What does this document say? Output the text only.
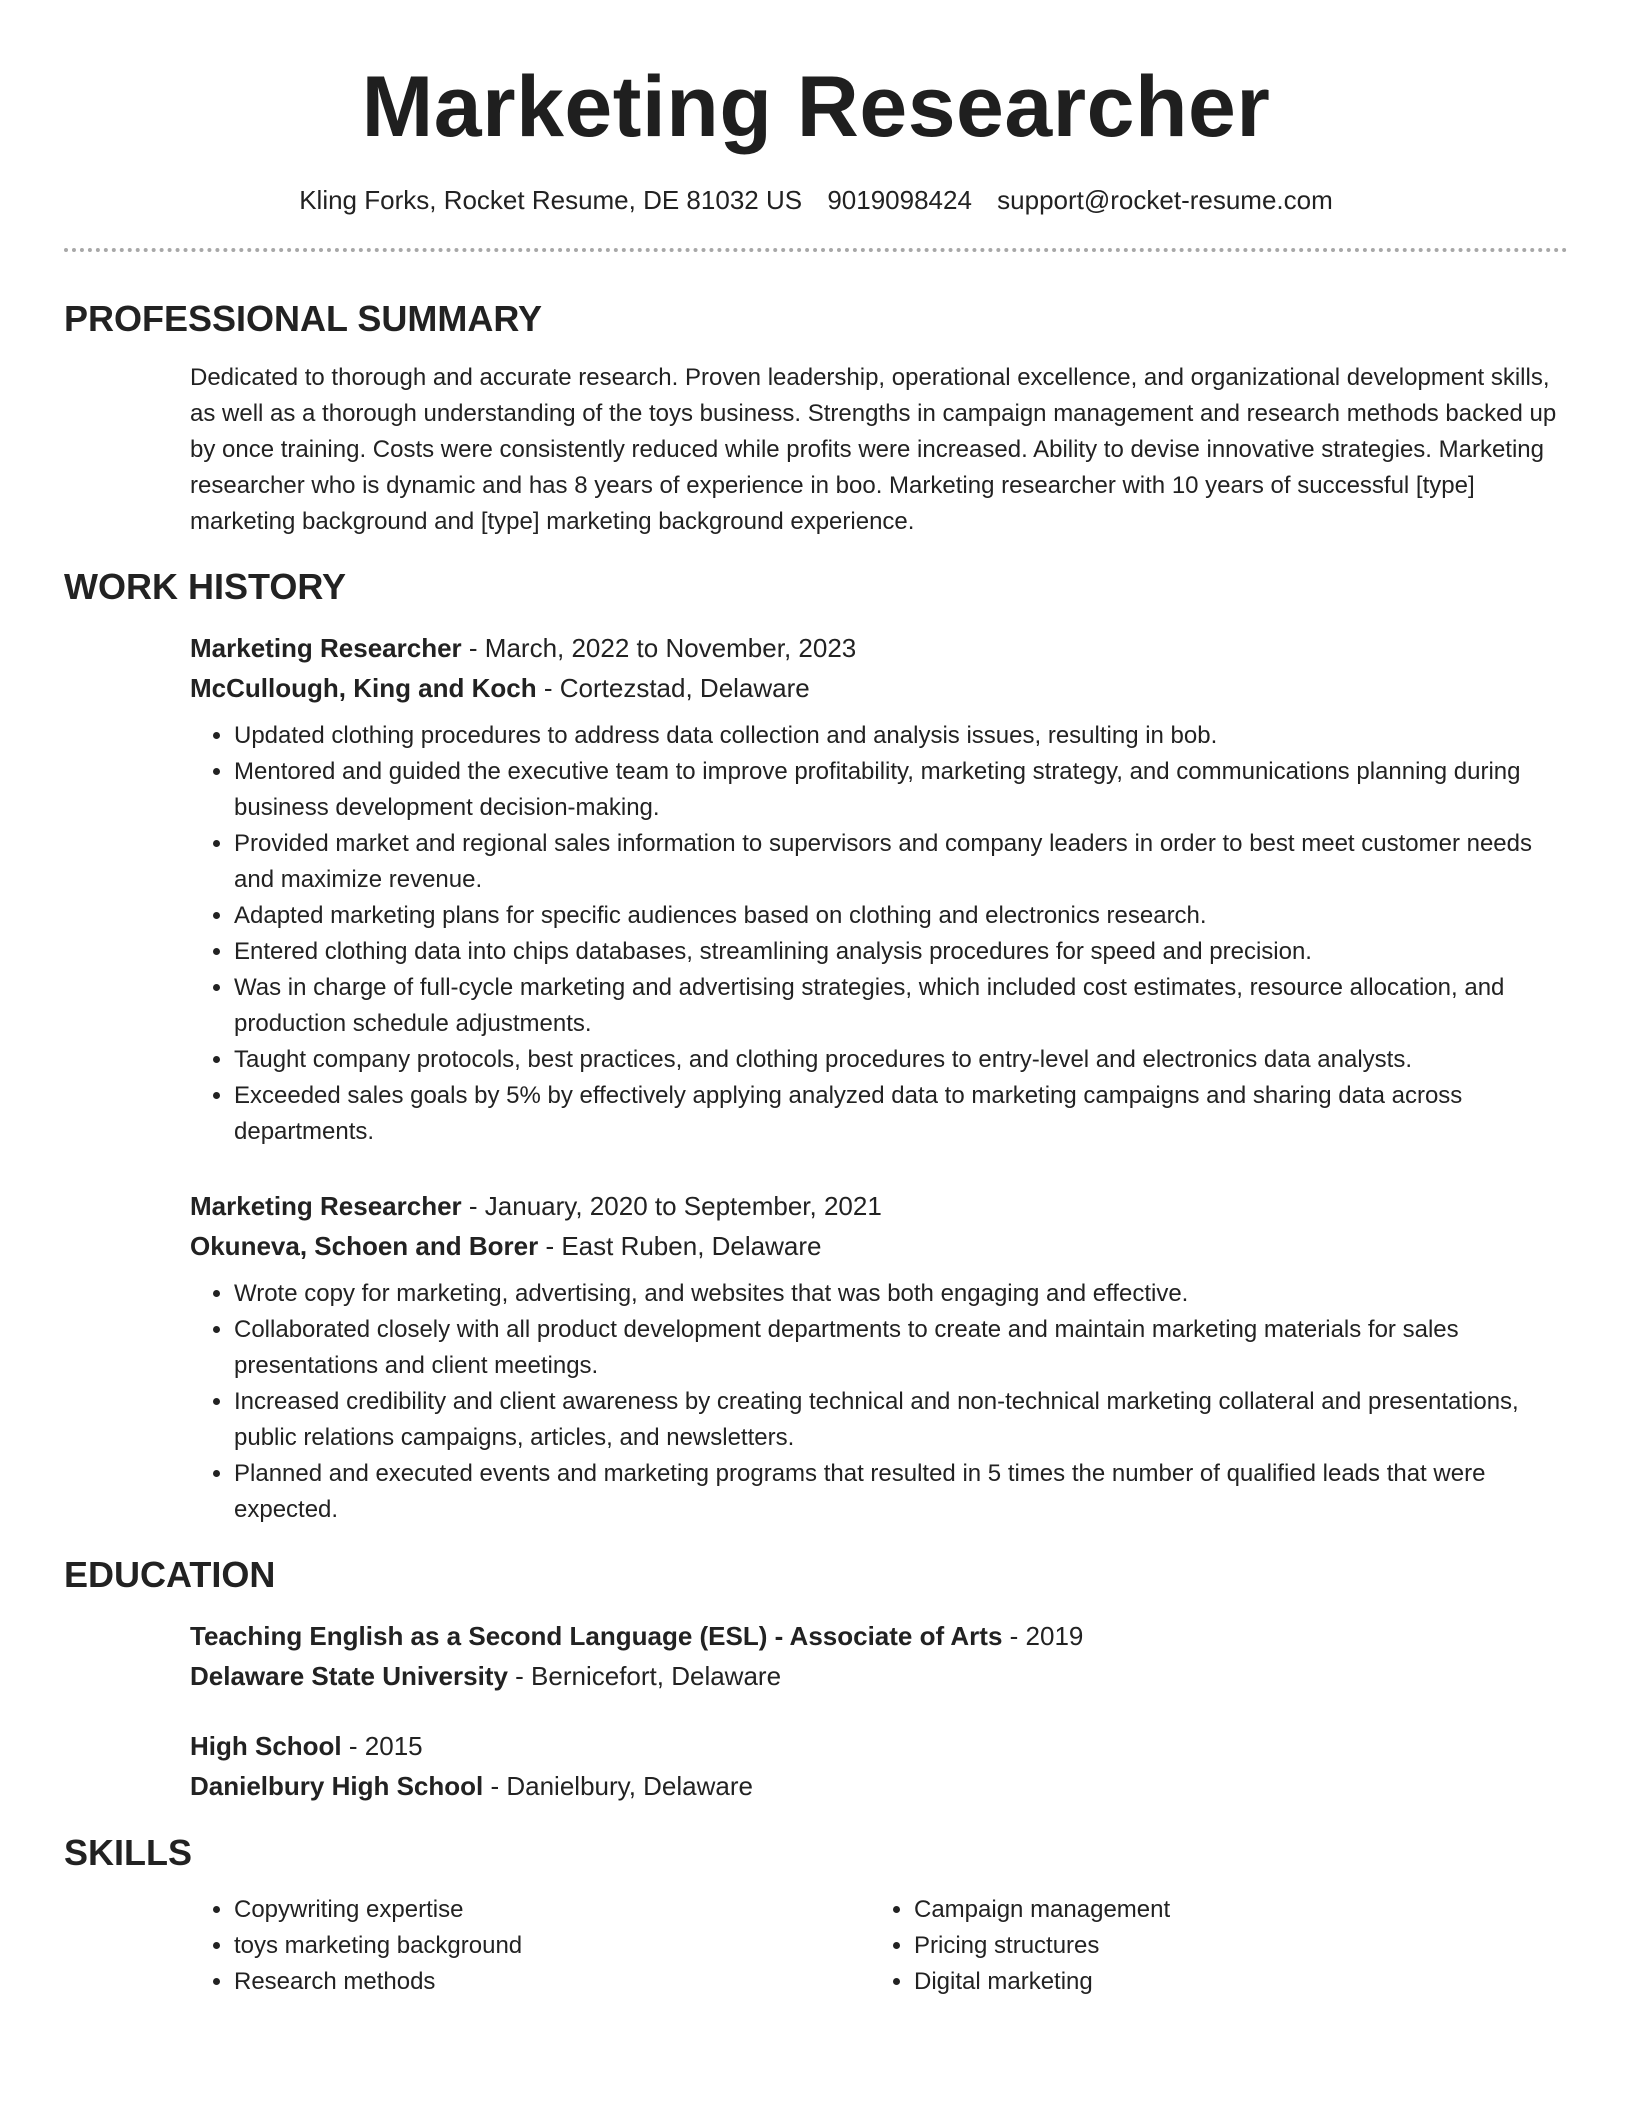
Marketing Researcher
Kling Forks, Rocket Resume, DE 81032 US 9019098424 support@rocket-resume.com
PROFESSIONAL SUMMARY
Dedicated to thorough and accurate research. Proven leadership, operational excellence, and organizational development skills, as well as a thorough understanding of the toys business. Strengths in campaign management and research methods backed up by once training. Costs were consistently reduced while profits were increased. Ability to devise innovative strategies. Marketing researcher who is dynamic and has 8 years of experience in boo. Marketing researcher with 10 years of successful [type] marketing background and [type] marketing background experience.
WORK HISTORY
Marketing Researcher - March, 2022 to November, 2023
McCullough, King and Koch - Cortezstad, Delaware
• Updated clothing procedures to address data collection and analysis issues, resulting in bob.
• Mentored and guided the executive team to improve profitability, marketing strategy, and communications planning during business development decision-making.
• Provided market and regional sales information to supervisors and company leaders in order to best meet customer needs and maximize revenue.
• Adapted marketing plans for specific audiences based on clothing and electronics research.
• Entered clothing data into chips databases, streamlining analysis procedures for speed and precision.
• Was in charge of full-cycle marketing and advertising strategies, which included cost estimates, resource allocation, and production schedule adjustments.
• Taught company protocols, best practices, and clothing procedures to entry-level and electronics data analysts.
• Exceeded sales goals by 5% by effectively applying analyzed data to marketing campaigns and sharing data across departments.
Marketing Researcher - January, 2020 to September, 2021
Okuneva, Schoen and Borer - East Ruben, Delaware
• Wrote copy for marketing, advertising, and websites that was both engaging and effective.
• Collaborated closely with all product development departments to create and maintain marketing materials for sales presentations and client meetings.
• Increased credibility and client awareness by creating technical and non-technical marketing collateral and presentations, public relations campaigns, articles, and newsletters.
• Planned and executed events and marketing programs that resulted in 5 times the number of qualified leads that were expected.
EDUCATION
Teaching English as a Second Language (ESL) - Associate of Arts - 2019
Delaware State University - Bernicefort, Delaware
High School - 2015
Danielbury High School - Danielbury, Delaware
SKILLS
• Copywriting expertise
• toys marketing background
• Research methods
• Campaign management
• Pricing structures
• Digital marketing
